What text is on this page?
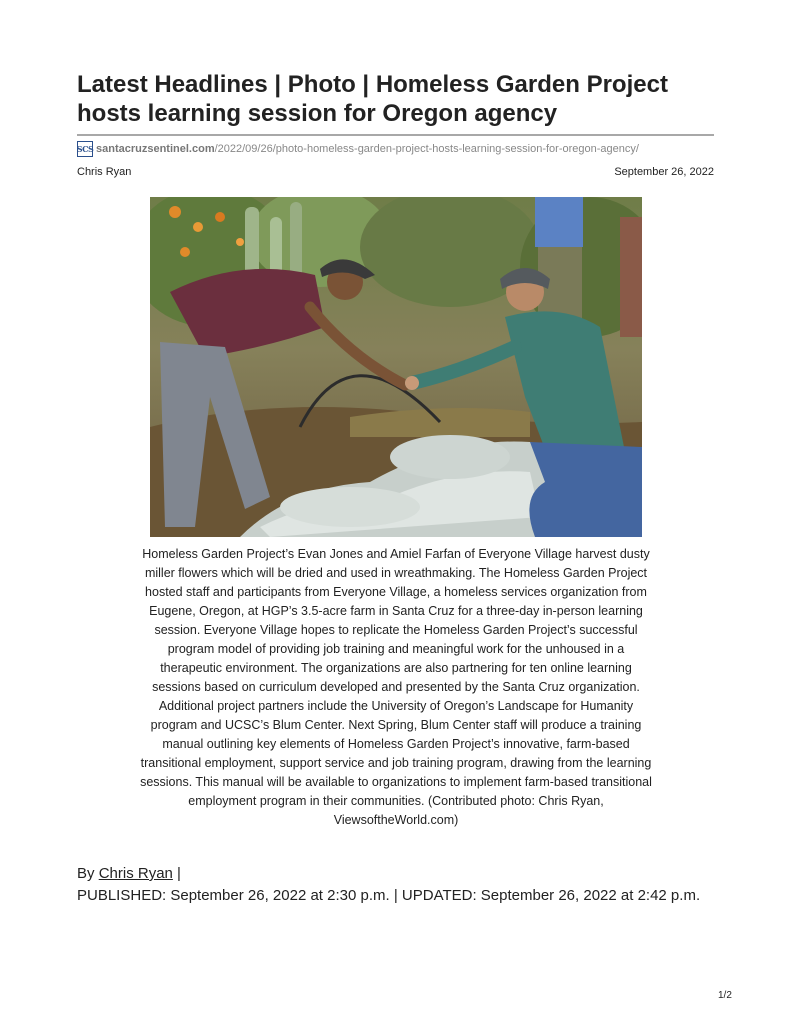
Latest Headlines | Photo | Homeless Garden Project hosts learning session for Oregon agency
SCS santacruzsentinel.com /2022/09/26/photo-homeless-garden-project-hosts-learning-session-for-oregon-agency/
Chris Ryan	September 26, 2022

Homeless Garden Project’s Evan Jones and Amiel Farfan of Everyone Village harvest dusty miller flowers which will be dried and used in wreathmaking. The Homeless Garden Project hosted staff and participants from Everyone Village, a homeless services organization from Eugene, Oregon, at HGP’s 3.5-acre farm in Santa Cruz for a three-day in-person learning session. Everyone Village hopes to replicate the Homeless Garden Project’s successful program model of providing job training and meaningful work for the unhoused in a therapeutic environment. The organizations are also partnering for ten online learning sessions based on curriculum developed and presented by the Santa Cruz organization. Additional project partners include the University of Oregon’s Landscape for Humanity program and UCSC’s Blum Center. Next Spring, Blum Center staff will produce a training manual outlining key elements of Homeless Garden Project’s innovative, farm-based transitional employment, support service and job training program, drawing from the learning sessions. This manual will be available to organizations to implement farm-based transitional employment program in their communities. (Contributed photo: Chris Ryan, ViewsoftheWorld.com)

By Chris Ryan |
PUBLISHED: September 26, 2022 at 2:30 p.m. | UPDATED: September 26, 2022 at 2:42 p.m.
1/2
